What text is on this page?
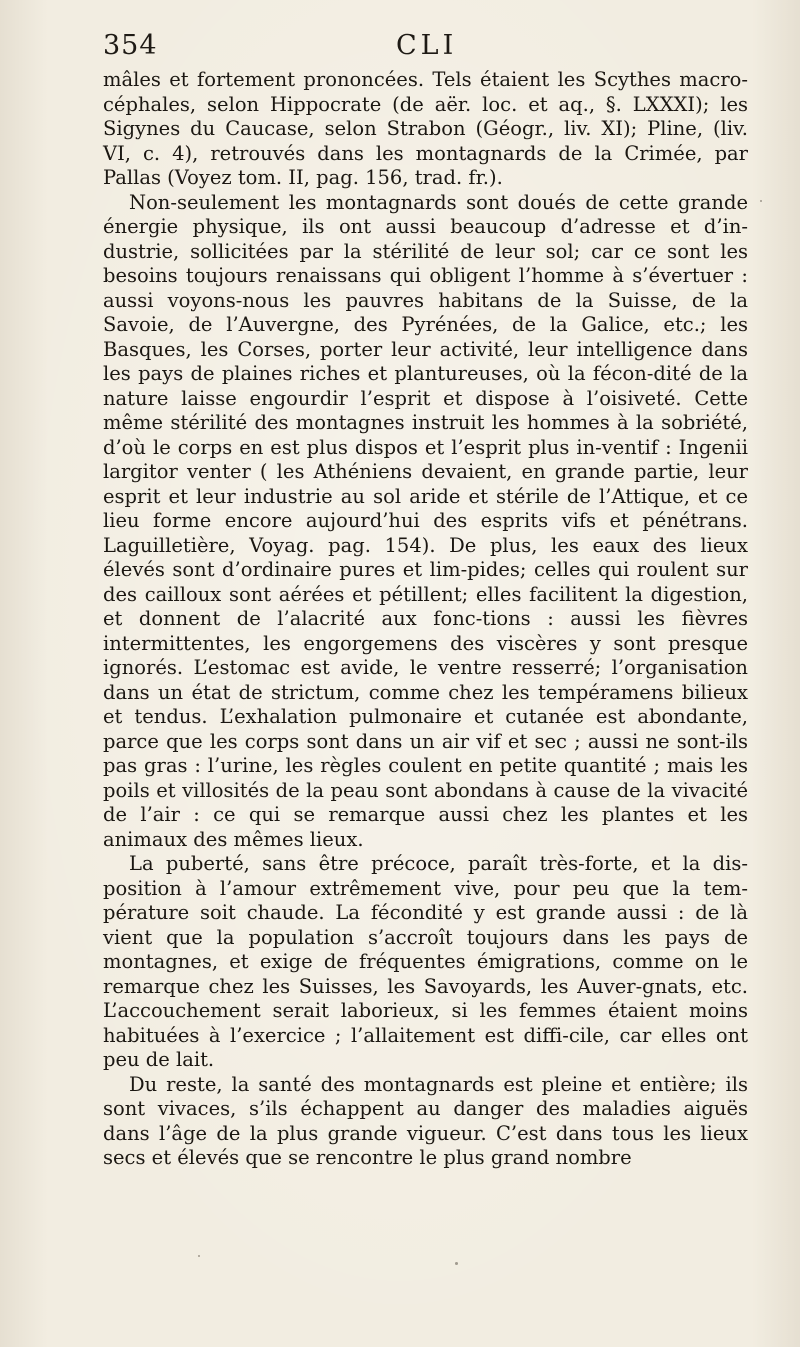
354	CLI

mâles et fortement prononcées. Tels étaient les Scythes macro-céphales, selon Hippocrate (de aër. loc. et aq., §. LXXXI); les Sigynes du Caucase, selon Strabon (Géogr., liv. XI); Pline, (liv. VI, c. 4), retrouvés dans les montagnards de la Crimée, par Pallas (Voyez tom. II, pag. 156, trad. fr.).

Non-seulement les montagnards sont doués de cette grande énergie physique, ils ont aussi beaucoup d’adresse et d’in-dustrie, sollicitées par la stérilité de leur sol; car ce sont les besoins toujours renaissans qui obligent l’homme à s’évertuer : aussi voyons-nous les pauvres habitans de la Suisse, de la Savoie, de l’Auvergne, des Pyrénées, de la Galice, etc.; les Basques, les Corses, porter leur activité, leur intelligence dans les pays de plaines riches et plantureuses, où la fécon-dité de la nature laisse engourdir l’esprit et dispose à l’oisiveté. Cette même stérilité des montagnes instruit les hommes à la sobriété, d’où le corps en est plus dispos et l’esprit plus in-ventif : Ingenii largitor venter ( les Athéniens devaient, en grande partie, leur esprit et leur industrie au sol aride et stérile de l’Attique, et ce lieu forme encore aujourd’hui des esprits vifs et pénétrans. Laguilletière, Voyag. pag. 154). De plus, les eaux des lieux élevés sont d’ordinaire pures et lim-pides; celles qui roulent sur des cailloux sont aérées et pétillent; elles facilitent la digestion, et donnent de l’alacrité aux fonc-tions : aussi les fièvres intermittentes, les engorgemens des viscères y sont presque ignorés. L’estomac est avide, le ventre resserré; l’organisation dans un état de strictum, comme chez les tempéramens bilieux et tendus. L’exhalation pulmonaire et cutanée est abondante, parce que les corps sont dans un air vif et sec ; aussi ne sont-ils pas gras : l’urine, les règles coulent en petite quantité ; mais les poils et villosités de la peau sont abondans à cause de la vivacité de l’air : ce qui se remarque aussi chez les plantes et les animaux des mêmes lieux.

La puberté, sans être précoce, paraît très-forte, et la dis-position à l’amour extrêmement vive, pour peu que la tem-pérature soit chaude. La fécondité y est grande aussi : de là vient que la population s’accroît toujours dans les pays de montagnes, et exige de fréquentes émigrations, comme on le remarque chez les Suisses, les Savoyards, les Auver-gnats, etc. L’accouchement serait laborieux, si les femmes étaient moins habituées à l’exercice ; l’allaitement est diffi-cile, car elles ont peu de lait.

Du reste, la santé des montagnards est pleine et entière; ils sont vivaces, s’ils échappent au danger des maladies aiguës dans l’âge de la plus grande vigueur. C’est dans tous les lieux secs et élevés que se rencontre le plus grand nombre
